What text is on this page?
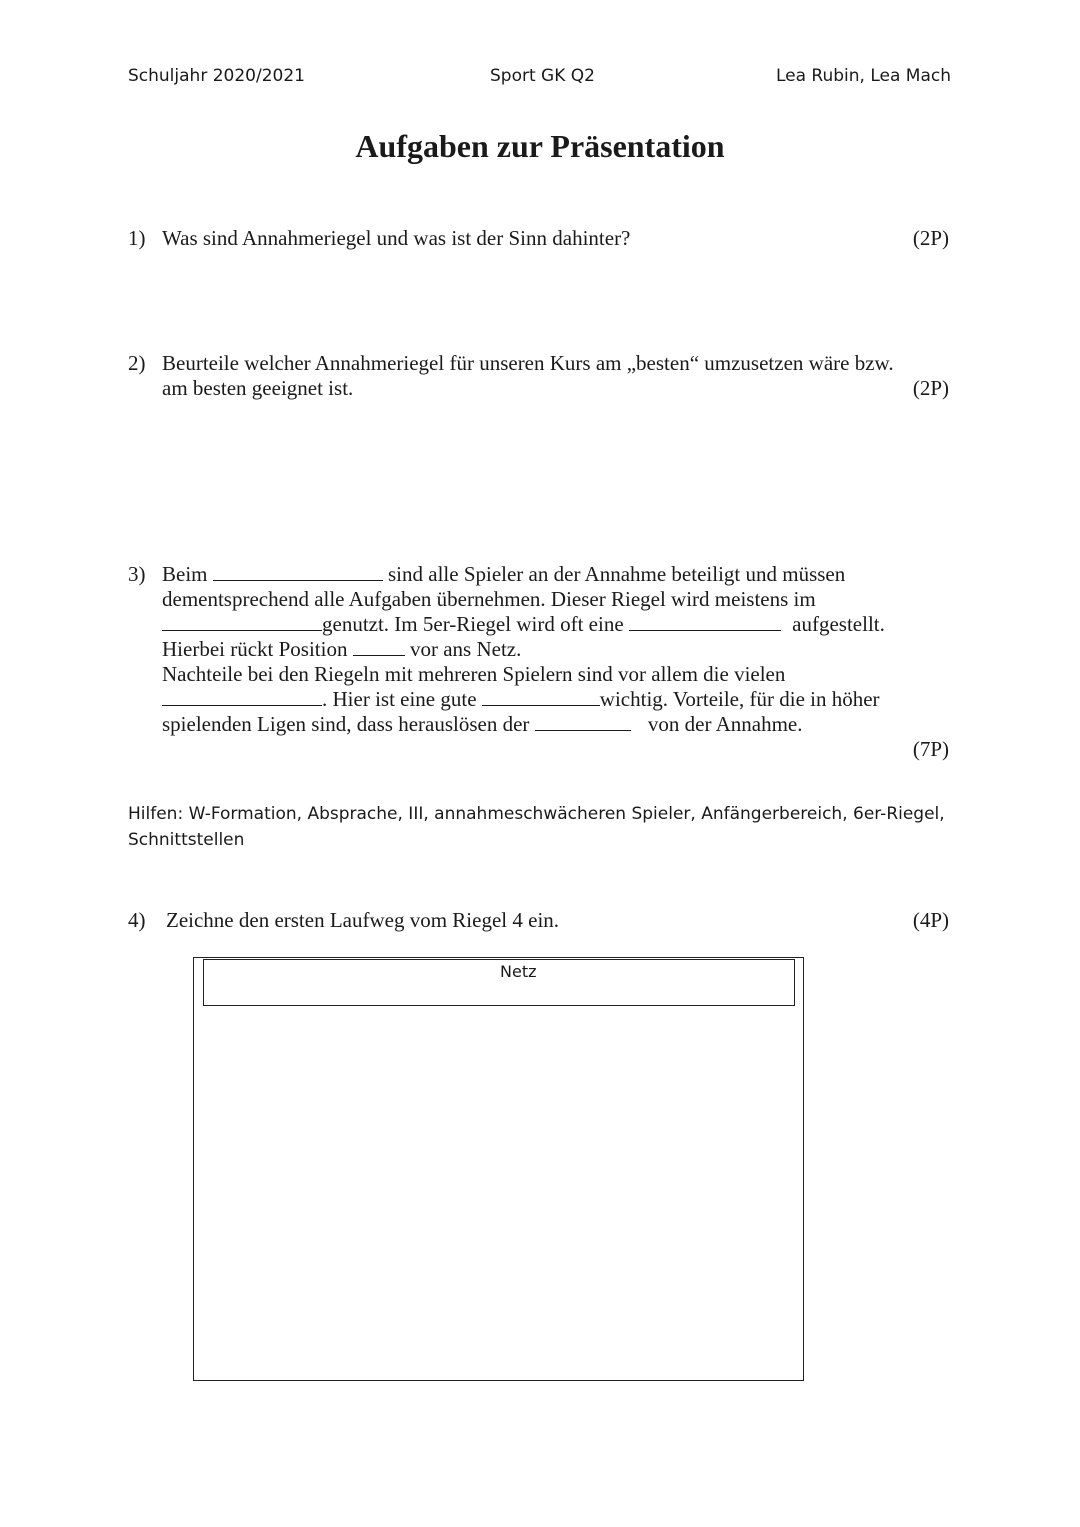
Schuljahr 2020/2021	Sport GK Q2	Lea Rubin, Lea Mach
Aufgaben zur Präsentation
1) Was sind Annahmeriegel und was ist der Sinn dahinter?	(2P)
2) Beurteile welcher Annahmeriegel für unseren Kurs am „besten“ umzusetzen wäre bzw.
am besten geeignet ist.	(2P)
3) Beim	sind alle Spieler an der Annahme beteiligt und müssen
dementsprechend alle Aufgaben übernehmen. Dieser Riegel wird meistens im
genutzt. Im 5er-Riegel wird oft eine	aufgestellt.
Hierbei rückt Position	vor ans Netz.
Nachteile bei den Riegeln mit mehreren Spielern sind vor allem die vielen
. Hier ist eine gute	wichtig. Vorteile, für die in höher
spielenden Ligen sind, dass herauslösen der	von der Annahme.
(7P)
Hilfen: W-Formation, Absprache, III, annahmeschwächeren Spieler, Anfängerbereich, 6er-Riegel, Schnittstellen
4) Zeichne den ersten Laufweg vom Riegel 4 ein.	(4P)
Netz
